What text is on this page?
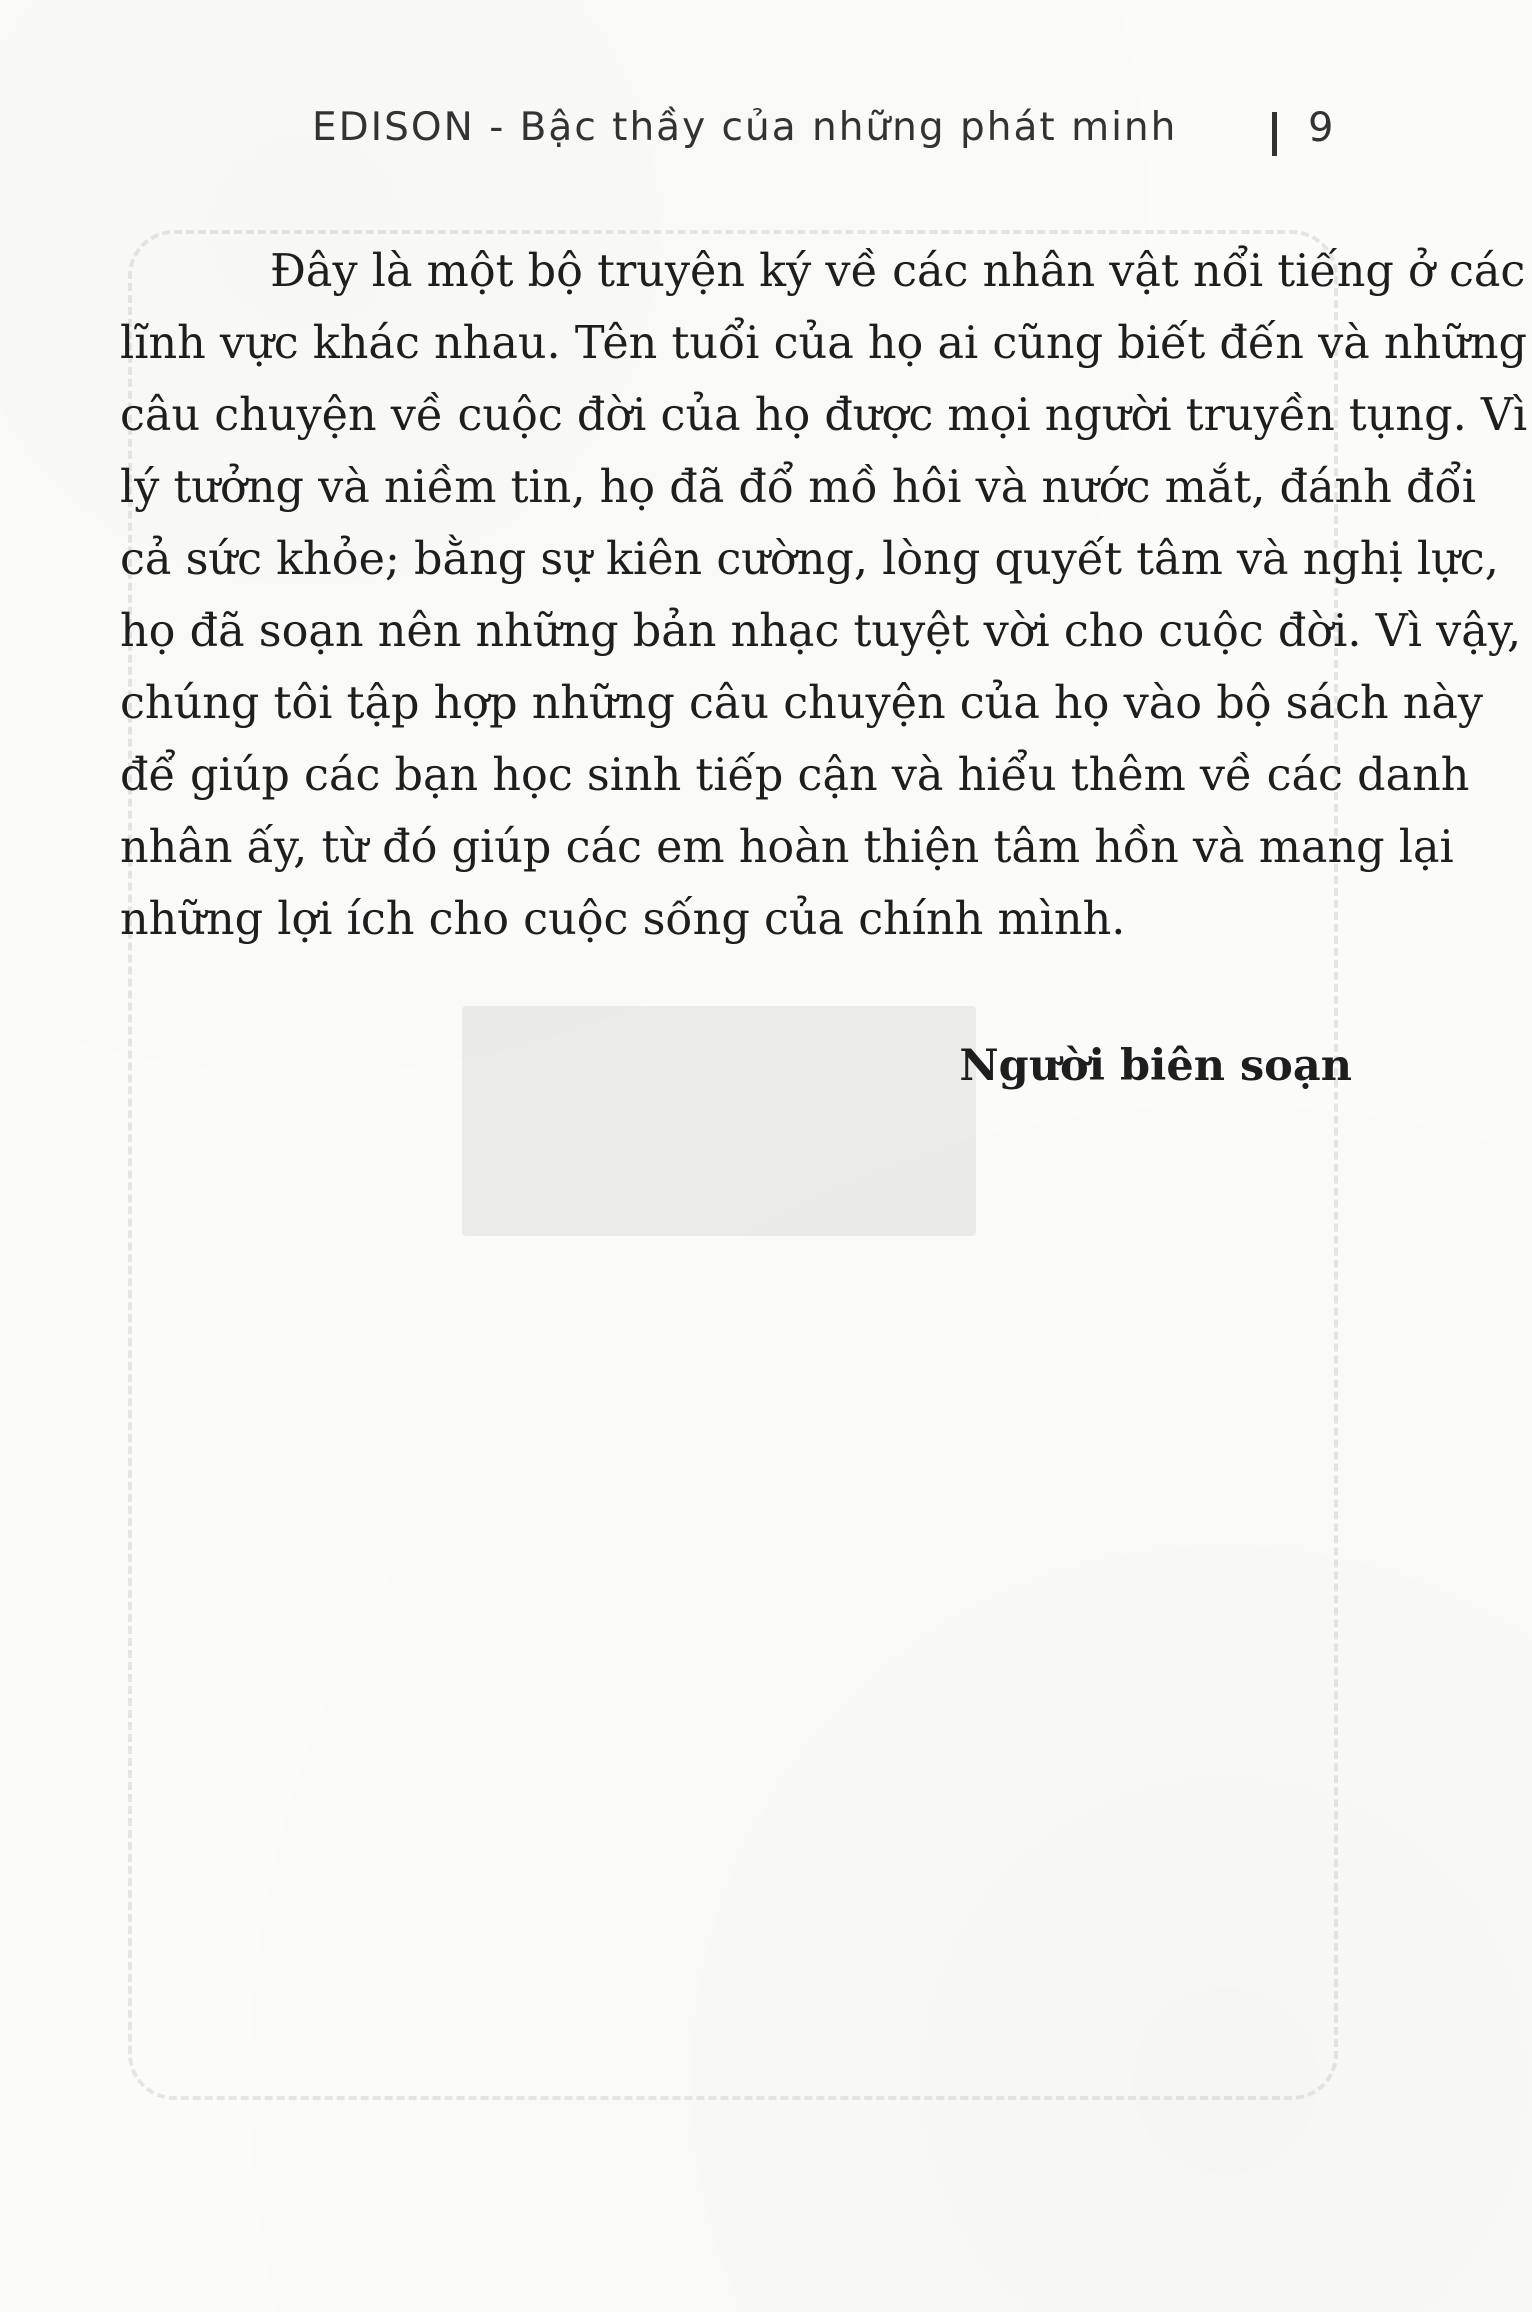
EDISON - Bậc thầy của những phát minh	9
Đây là một bộ truyện ký về các nhân vật nổi tiếng ở các
lĩnh vực khác nhau. Tên tuổi của họ ai cũng biết đến và những
câu chuyện về cuộc đời của họ được mọi người truyền tụng. Vì
lý tưởng và niềm tin, họ đã đổ mồ hôi và nước mắt, đánh đổi
cả sức khỏe; bằng sự kiên cường, lòng quyết tâm và nghị lực,
họ đã soạn nên những bản nhạc tuyệt vời cho cuộc đời. Vì vậy,
chúng tôi tập hợp những câu chuyện của họ vào bộ sách này
để giúp các bạn học sinh tiếp cận và hiểu thêm về các danh
nhân ấy, từ đó giúp các em hoàn thiện tâm hồn và mang lại
những lợi ích cho cuộc sống của chính mình.
Người biên soạn
